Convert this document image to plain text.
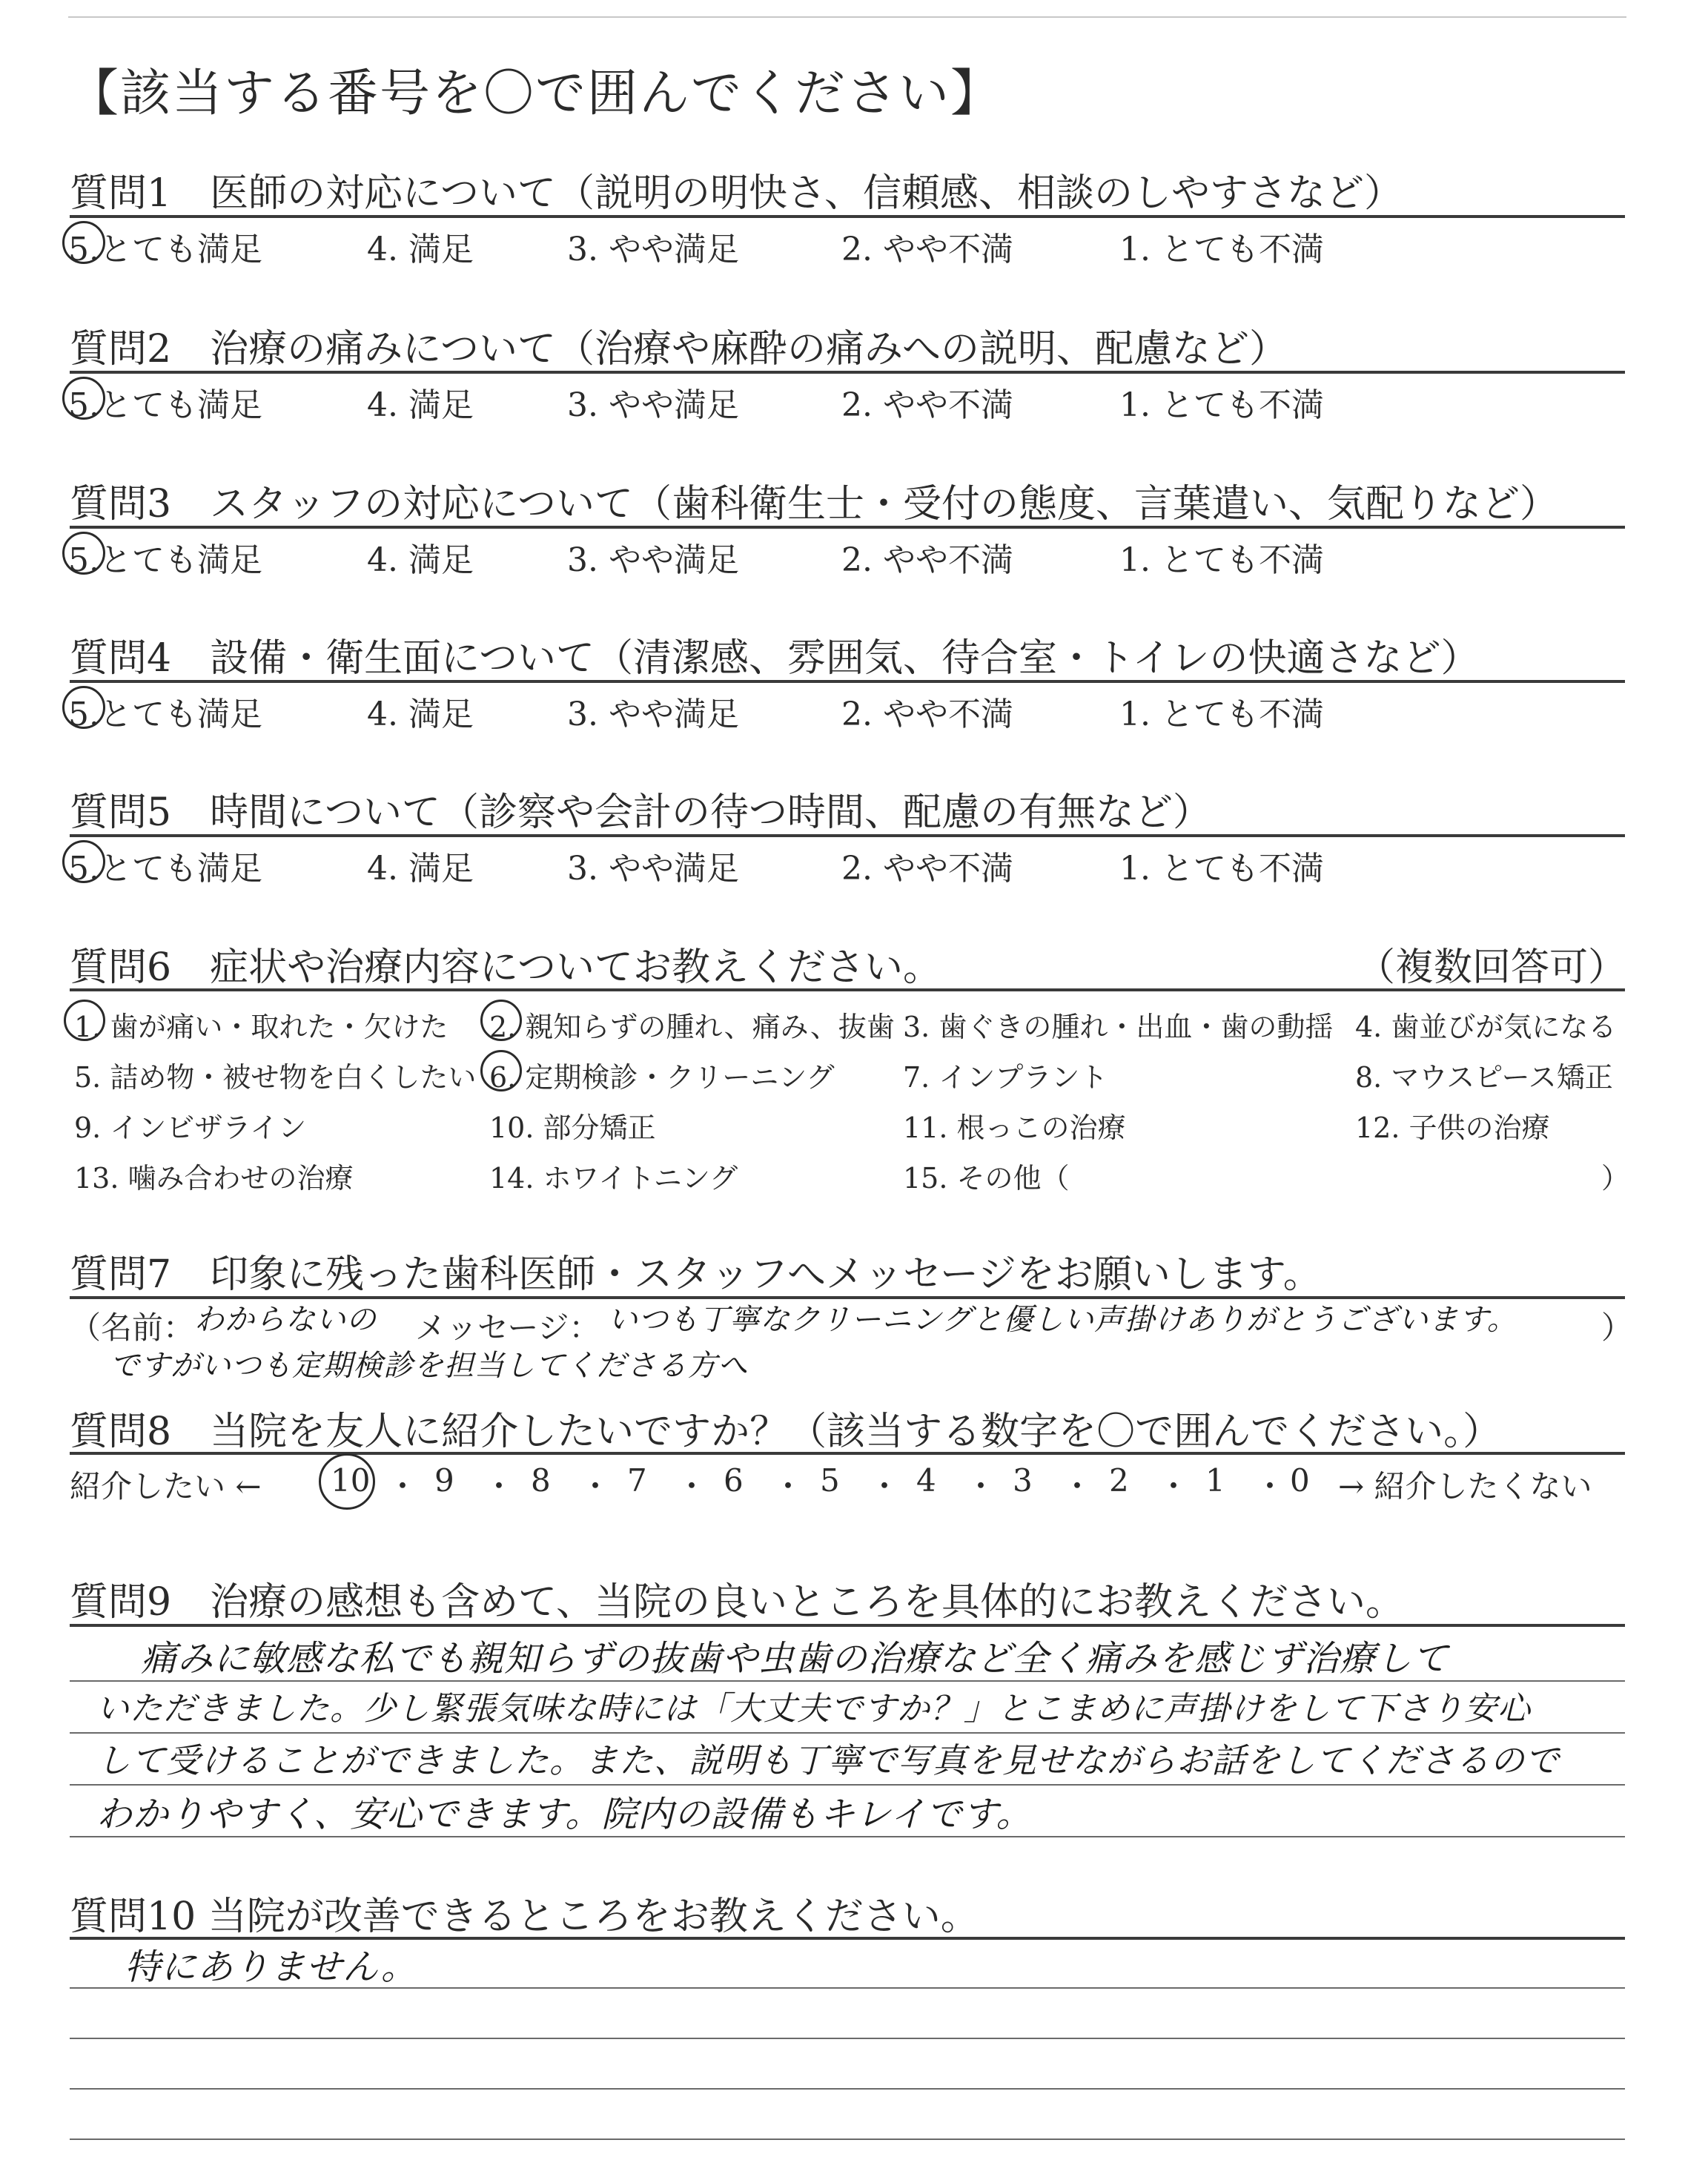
【該当する番号を〇で囲んでください】
質問1　医師の対応について（説明の明快さ、信頼感、相談のしやすさなど）
質問2　治療の痛みについて（治療や麻酔の痛みへの説明、配慮など）
質問3　スタッフの対応について（歯科衛生士・受付の態度、言葉遣い、気配りなど）
質問4　設備・衛生面について（清潔感、雰囲気、待合室・トイレの快適さなど）
質問5　時間について（診察や会計の待つ時間、配慮の有無など）
5.とても満足	4. 満足	3. やや満足	2. やや不満	1. とても不満
5.とても満足	4. 満足	3. やや満足	2. やや不満	1. とても不満
5.とても満足	4. 満足	3. やや満足	2. やや不満	1. とても不満
5.とても満足	4. 満足	3. やや満足	2. やや不満	1. とても不満
5.とても満足	4. 満足	3. やや満足	2. やや不満	1. とても不満
質問6　症状や治療内容についてお教えください。	（複数回答可）
1. 歯が痛い・取れた・欠けた 2. 親知らずの腫れ、痛み、抜歯 3. 歯ぐきの腫れ・出血・歯の動揺 4. 歯並びが気になる
5. 詰め物・被せ物を白くしたい 6. 定期検診・クリーニング 7. インプラント	8. マウスピース矯正
9. インビザライン	10. 部分矯正	11. 根っこの治療	12. 子供の治療
13. 噛み合わせの治療	14. ホワイトニング	15. その他（	）
質問7　印象に残った歯科医師・スタッフへメッセージをお願いします。
（名前： わからないの メッセージ： いつも丁寧なクリーニングと優しい声掛けありがとうございます。	）
ですがいつも定期検診を担当してくださる方へ
質問8　当院を友人に紹介したいですか？（該当する数字を〇で囲んでください。）
紹介したい ← 10 ・ 9 ・ 8 ・ 7 ・ 6 ・ 5 ・ 4 ・ 3 ・ 2 ・ 1 ・ 0 → 紹介したくない
質問9　治療の感想も含めて、当院の良いところを具体的にお教えください。
痛みに敏感な私でも親知らずの抜歯や虫歯の治療など全く痛みを感じず治療して
いただきました。少し緊張気味な時には「大丈夫ですか？」とこまめに声掛けをして下さり安心
して受けることができました。また、説明も丁寧で写真を見せながらお話をしてくださるので
わかりやすく、安心できます。院内の設備もキレイです。
質問10 当院が改善できるところをお教えください。
特にありません。
